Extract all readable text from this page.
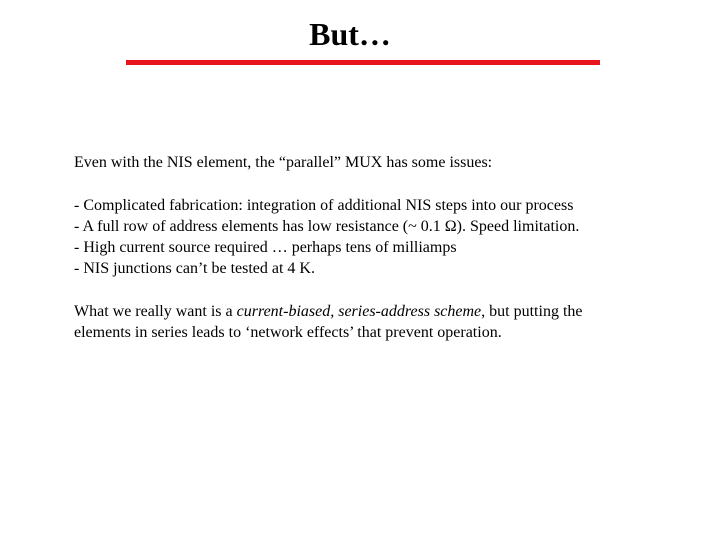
But…
Even with the NIS element, the “parallel” MUX has some issues:
- Complicated fabrication: integration of additional NIS steps into our process
- A full row of address elements has low resistance (~ 0.1 Ω). Speed limitation.
- High current source required … perhaps tens of milliamps
- NIS junctions can’t be tested at 4 K.
What we really want is a current-biased, series-address scheme, but putting the
elements in series leads to ‘network effects’ that prevent operation.
